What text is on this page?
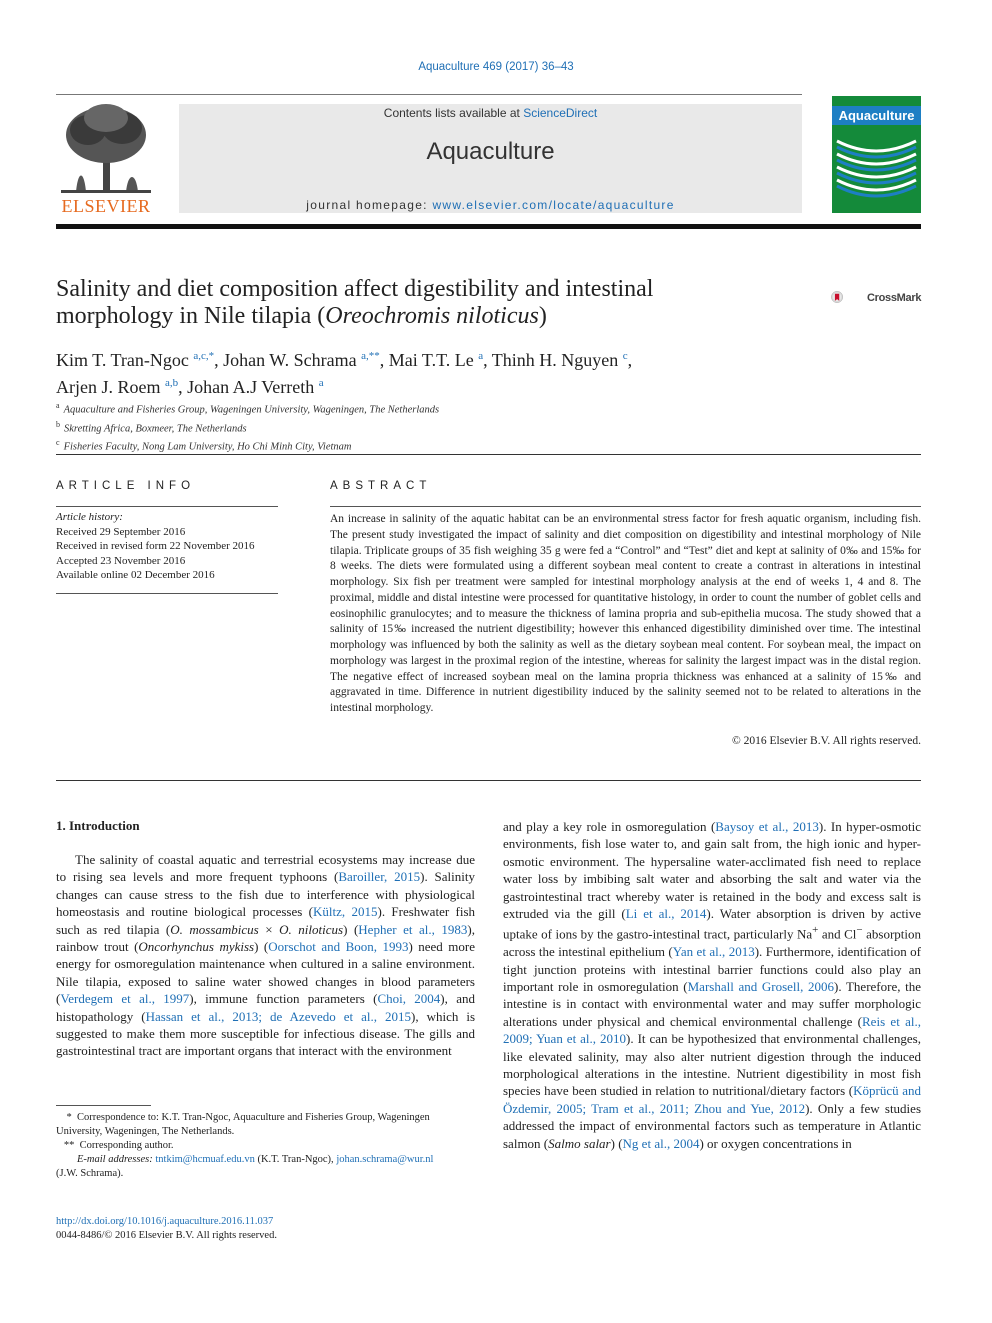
Aquaculture 469 (2017) 36–43
ELSEVIER
Contents lists available at ScienceDirect
Aquaculture
journal homepage: www.elsevier.com/locate/aquaculture
Aquaculture
Salinity and diet composition affect digestibility and intestinal
morphology in Nile tilapia (Oreochromis niloticus)
CrossMark
Kim T. Tran-Ngoc $^{a,c,*}$, Johan W. Schrama $^{a,**}$, Mai T.T. Le $^a$, Thinh H. Nguyen $^c$,
Arjen J. Roem $^{a,b}$, Johan A.J Verreth $^a$
$^a$ Aquaculture and Fisheries Group, Wageningen University, Wageningen, The Netherlands
$^b$ Skretting Africa, Boxmeer, The Netherlands
$^c$ Fisheries Faculty, Nong Lam University, Ho Chi Minh City, Vietnam
ARTICLE INFO
Article history:
Received 29 September 2016
Received in revised form 22 November 2016
Accepted 23 November 2016
Available online 02 December 2016
ABSTRACT
An increase in salinity of the aquatic habitat can be an environmental stress factor for fresh aquatic organism, including fish. The present study investigated the impact of salinity and diet composition on digestibility and intestinal morphology of Nile tilapia. Triplicate groups of 35 fish weighing 35 g were fed a “Control” and “Test” diet and kept at salinity of 0‰ and 15‰ for 8 weeks. The diets were formulated using a different soybean meal content to create a contrast in alterations in intestinal morphology. Six fish per treatment were sampled for intestinal morphology analysis at the end of weeks 1, 4 and 8. The proximal, middle and distal intestine were processed for quantitative histology, in order to count the number of goblet cells and eosinophilic granulocytes; and to measure the thickness of lamina propria and sub-epithelia mucosa. The study showed that a salinity of 15‰ increased the nutrient digestibility; however this enhanced digestibility diminished over time. The intestinal morphology was influenced by both the salinity as well as the dietary soybean meal content. For soybean meal, the impact on morphology was largest in the proximal region of the intestine, whereas for salinity the largest impact was in the distal region. The negative effect of increased soybean meal on the lamina propria thickness was enhanced at a salinity of 15‰ and aggravated in time. Difference in nutrient digestibility induced by the salinity seemed not to be related to alterations in the intestinal morphology.
© 2016 Elsevier B.V. All rights reserved.
1. Introduction
The salinity of coastal aquatic and terrestrial ecosystems may increase due to rising sea levels and more frequent typhoons (Baroiller, 2015). Salinity changes can cause stress to the fish due to interference with physiological homeostasis and routine biological processes (Kültz, 2015). Freshwater fish such as red tilapia (O. mossambicus × O. niloticus) (Hepher et al., 1983), rainbow trout (Oncorhynchus mykiss) (Oorschot and Boon, 1993) need more energy for osmoregulation maintenance when cultured in a saline environment. Nile tilapia, exposed to saline water showed changes in blood parameters (Verdegem et al., 1997), immune function parameters (Choi, 2004), and histopathology (Hassan et al., 2013; de Azevedo et al., 2015), which is suggested to make them more susceptible for infectious disease. The gills and gastrointestinal tract are important organs that interact with the environment
and play a key role in osmoregulation (Baysoy et al., 2013). In hyper-osmotic environments, fish lose water to, and gain salt from, the high ionic and hyper-osmotic environment. The hypersaline water-acclimated fish need to replace water loss by imbibing salt water and absorbing the salt and water via the gastrointestinal tract whereby water is retained in the body and excess salt is extruded via the gill (Li et al., 2014). Water absorption is driven by active uptake of ions by the gastro-intestinal tract, particularly Na+ and Cl− absorption across the intestinal epithelium (Yan et al., 2013). Furthermore, identification of tight junction proteins with intestinal barrier functions could also play an important role in osmoregulation (Marshall and Grosell, 2006). Therefore, the intestine is in contact with environmental water and may suffer morphologic alterations under physical and chemical environmental challenge (Reis et al., 2009; Yuan et al., 2010). It can be hypothesized that environmental challenges, like elevated salinity, may also alter nutrient digestion through the induced morphological alterations in the intestine. Nutrient digestibility in most fish species have been studied in relation to nutritional/dietary factors (Köprücü and Özdemir, 2005; Tram et al., 2011; Zhou and Yue, 2012). Only a few studies addressed the impact of environmental factors such as temperature in Atlantic salmon (Salmo salar) (Ng et al., 2004) or oxygen concentrations in
* Correspondence to: K.T. Tran-Ngoc, Aquaculture and Fisheries Group, Wageningen University, Wageningen, The Netherlands.
** Corresponding author.
E-mail addresses: tntkim@hcmuaf.edu.vn (K.T. Tran-Ngoc), johan.schrama@wur.nl
(J.W. Schrama).
http://dx.doi.org/10.1016/j.aquaculture.2016.11.037
0044-8486/© 2016 Elsevier B.V. All rights reserved.
